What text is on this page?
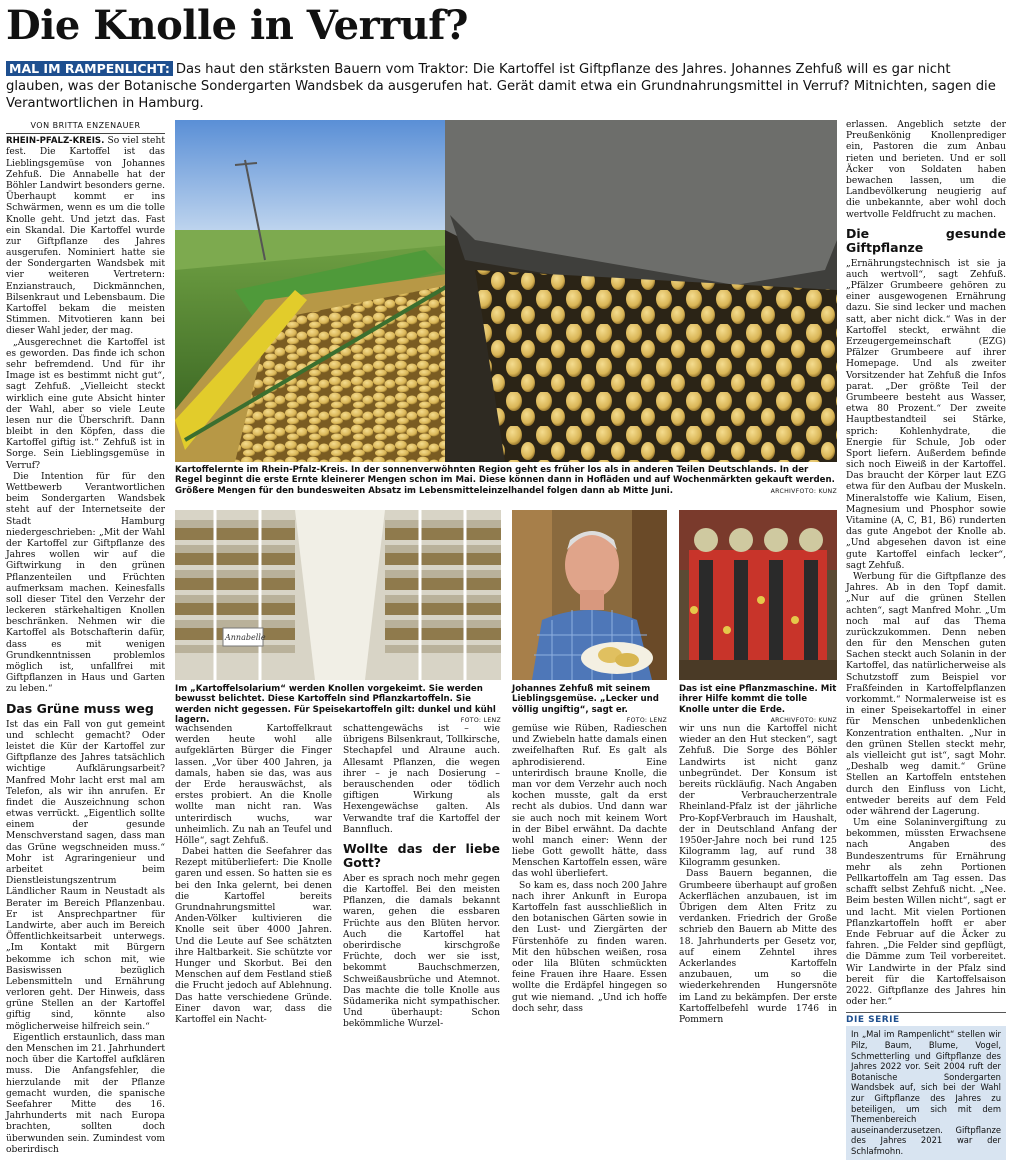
Die Knolle in Verruf?
MAL IM RAMPENLICHT: Das haut den stärksten Bauern vom Traktor: Die Kartoffel ist Giftpflanze des Jahres. Johannes Zehfuß will es gar nicht glauben, was der Botanische Sondergarten Wandsbek da ausgerufen hat. Gerät damit etwa ein Grundnahrungsmittel in Verruf? Mitnichten, sagen die Verantwortlichen in Hamburg.
VON BRITTA ENZENAUER

RHEIN-PFALZ-KREIS. So viel steht fest. Die Kartoffel ist das Lieblingsgemüse von Johannes Zehfuß. Die Annabelle hat der Böhler Landwirt besonders gerne. Überhaupt kommt er ins Schwärmen, wenn es um die tolle Knolle geht. Und jetzt das. Fast ein Skandal. Die Kartoffel wurde zur Giftpflanze des Jahres ausgerufen. Nominiert hatte sie der Sondergarten Wandsbek mit vier weiteren Vertretern: Enzianstrauch, Dickmännchen, Bilsenkraut und Lebensbaum. Die Kartoffel bekam die meisten Stimmen. Mitvotieren kann bei dieser Wahl jeder, der mag.

„Ausgerechnet die Kartoffel ist es geworden. Das finde ich schon sehr befremdend. Und für ihr Image ist es bestimmt nicht gut“, sagt Zehfuß. „Vielleicht steckt wirklich eine gute Absicht hinter der Wahl, aber so viele Leute lesen nur die Überschrift. Dann bleibt in den Köpfen, dass die Kartoffel giftig ist.“ Zehfuß ist in Sorge. Sein Lieblingsgemüse in Verruf?

Die Intention für für den Wettbewerb Verantwortlichen beim Sondergarten Wandsbek steht auf der Internetseite der Stadt Hamburg niedergeschrieben: „Mit der Wahl der Kartoffel zur Giftpflanze des Jahres wollen wir auf die Giftwirkung in den grünen Pflanzenteilen und Früchten aufmerksam machen. Keinesfalls soll dieser Titel den Verzehr der leckeren stärkehaltigen Knollen beschränken. Nehmen wir die Kartoffel als Botschafterin dafür, dass es mit wenigen Grundkenntnissen problemlos möglich ist, unfallfrei mit Giftpflanzen in Haus und Garten zu leben.“

Das Grüne muss weg

Ist das ein Fall von gut gemeint und schlecht gemacht? Oder leistet die Kür der Kartoffel zur Giftpflanze des Jahres tatsächlich wichtige Aufklärungsarbeit? Manfred Mohr lacht erst mal am Telefon, als wir ihn anrufen. Er findet die Auszeichnung schon etwas verrückt. „Eigentlich sollte einem der gesunde Menschverstand sagen, dass man das Grüne wegschneiden muss.“ Mohr ist Agraringenieur und arbeitet beim Dienstleistungszentrum Ländlicher Raum in Neustadt als Berater im Bereich Pflanzenbau. Er ist Ansprechpartner für Landwirte, aber auch im Bereich Öffentlichkeitsarbeit unterwegs. „Im Kontakt mit Bürgern bekomme ich schon mit, wie Basiswissen bezüglich Lebensmitteln und Ernährung verloren geht. Der Hinweis, dass grüne Stellen an der Kartoffel giftig sind, könnte also möglicherweise hilfreich sein.“

Eigentlich erstaunlich, dass man den Menschen im 21. Jahrhundert noch über die Kartoffel aufklären muss. Die Anfangsfehler, die hierzulande mit der Pflanze gemacht wurden, die spanische Seefahrer Mitte des 16. Jahrhunderts mit nach Europa brachten, sollten doch überwunden sein. Zumindest vom oberirdisch

Kartoffelernte im Rhein-Pfalz-Kreis. In der sonnenverwöhnten Region geht es früher los als in anderen Teilen Deutschlands. In der Regel beginnt die erste Ernte kleinerer Mengen schon im Mai. Diese können dann in Hofläden und auf Wochenmärkten gekauft werden. Größere Mengen für den bundesweiten Absatz im Lebensmitteleinzelhandel folgen dann ab Mitte Juni.	ARCHIVFOTO: KUNZ

erlassen. Angeblich setzte der Preußenkönig Knollenprediger ein, Pastoren die zum Anbau rieten und berieten. Und er soll Äcker von Soldaten haben bewachen lassen, um die Landbevölkerung neugierig auf die unbekannte, aber wohl doch wertvolle Feldfrucht zu machen.

Die gesunde Giftpflanze

„Ernährungstechnisch ist sie ja auch wertvoll“, sagt Zehfuß. „Pfälzer Grumbeere gehören zu einer ausgewogenen Ernährung dazu. Sie sind lecker und machen satt, aber nicht dick.“ Was in der Kartoffel steckt, erwähnt die Erzeugergemeinschaft (EZG) Pfälzer Grumbeere auf ihrer Homepage. Und als zweiter Vorsitzender hat Zehfuß die Infos parat. „Der größte Teil der Grumbeere besteht aus Wasser, etwa 80 Prozent.“ Der zweite Hauptbestandteil sei Stärke, sprich: Kohlenhydrate, die Energie für Schule, Job oder Sport liefern. Außerdem befinde sich noch Eiweiß in der Kartoffel. Das braucht der Körper laut EZG etwa für den Aufbau der Muskeln. Mineralstoffe wie Kalium, Eisen, Magnesium und Phosphor sowie Vitamine (A, C, B1, B6) runderten das gute Angebot der Knolle ab. „Und abgesehen davon ist eine gute Kartoffel einfach lecker“, sagt Zehfuß.

Werbung für die Giftpflanze des Jahres. Ab in den Topf damit. „Nur auf die grünen Stellen achten“, sagt Manfred Mohr. „Um noch mal auf das Thema zurückzukommen. Denn neben den für den Menschen guten Sachen steckt auch Solanin in der Kartoffel, das natürlicherweise als Schutzstoff zum Beispiel vor Fraßfeinden in Kartoffelpflanzen vorkommt.“ Normalerweise ist es in einer Speisekartoffel in einer für Menschen unbedenklichen Konzentration enthalten. „Nur in den grünen Stellen steckt mehr, als vielleicht gut ist“, sagt Mohr. „Deshalb weg damit.“ Grüne Stellen an Kartoffeln entstehen durch den Einfluss von Licht, entweder bereits auf dem Feld oder während der Lagerung.

Um eine Solaninvergiftung zu bekommen, müssten Erwachsene nach Angaben des Bundeszentrums für Ernährung mehr als zehn Portionen Pellkartoffeln am Tag essen. Das schafft selbst Zehfuß nicht. „Nee. Beim besten Willen nicht“, sagt er und lacht. Mit vielen Portionen Pflanzkartoffeln hofft er aber Ende Februar auf die Äcker zu fahren. „Die Felder sind gepflügt, die Dämme zum Teil vorbereitet. Wir Landwirte in der Pfalz sind bereit für die Kartoffelsaison 2022. Giftpflanze des Jahres hin oder her.“

DIE SERIE
In „Mal im Rampenlicht“ stellen wir Pilz, Baum, Blume, Vogel, Schmetterling und Giftpflanze des Jahres 2022 vor. Seit 2004 ruft der Botanische Sondergarten Wandsbek auf, sich bei der Wahl zur Giftpflanze des Jahres zu beteiligen, um sich mit dem Themenbereich auseinanderzusetzen. Giftpflanze des Jahres 2021 war der Schlafmohn.
Annabelle
Im „Kartoffelsolarium“ werden Knollen vorgekeimt. Sie werden bewusst belichtet. Diese Kartoffeln sind Pflanzkartoffeln. Sie werden nicht gegessen. Für Speisekartoffeln gilt: dunkel und kühl lagern.	FOTO: LENZ
Johannes Zehfuß mit seinem Lieblingsgemüse. „Lecker und völlig ungiftig“, sagt er.
FOTO: LENZ
Das ist eine Pflanzmaschine. Mit ihrer Hilfe kommt die tolle Knolle unter die Erde.
ARCHIVFOTO: KUNZ

wachsenden Kartoffelkraut werden heute wohl alle aufgeklärten Bürger die Finger lassen. „Vor über 400 Jahren, ja damals, haben sie das, was aus der Erde herauswächst, als erstes probiert. An die Knolle wollte man nicht ran. Was unterirdisch wuchs, war unheimlich. Zu nah an Teufel und Hölle“, sagt Zehfuß.

Dabei hatten die Seefahrer das Rezept mitüberliefert: Die Knolle garen und essen. So hatten sie es bei den Inka gelernt, bei denen die Kartoffel bereits Grundnahrungsmittel war. Anden-Völker kultivieren die Knolle seit über 4000 Jahren. Und die Leute auf See schätzten ihre Haltbarkeit. Sie schützte vor Hunger und Skorbut. Bei den Menschen auf dem Festland stieß die Frucht jedoch auf Ablehnung. Das hatte verschiedene Gründe. Einer davon war, dass die Kartoffel ein Nacht-

schattengewächs ist – wie übrigens Bilsenkraut, Tollkirsche, Stechapfel und Alraune auch. Allesamt Pflanzen, die wegen ihrer – je nach Dosierung – berauschenden oder tödlich giftigen Wirkung als Hexengewächse galten. Als Verwandte traf die Kartoffel der Bannfluch.

Wollte das der liebe Gott?

Aber es sprach noch mehr gegen die Kartoffel. Bei den meisten Pflanzen, die damals bekannt waren, gehen die essbaren Früchte aus den Blüten hervor. Auch die Kartoffel hat oberirdische kirschgroße Früchte, doch wer sie isst, bekommt Bauchschmerzen, Schweißausbrüche und Atemnot. Das machte die tolle Knolle aus Südamerika nicht sympathischer. Und überhaupt: Schon bekömmliche Wurzel-

gemüse wie Rüben, Radieschen und Zwiebeln hatte damals einen zweifelhaften Ruf. Es galt als aphrodisierend. Eine unterirdisch braune Knolle, die man vor dem Verzehr auch noch kochen musste, galt da erst recht als dubios. Und dann war sie auch noch mit keinem Wort in der Bibel erwähnt. Da dachte wohl manch einer: Wenn der liebe Gott gewollt hätte, dass Menschen Kartoffeln essen, wäre das wohl überliefert.

So kam es, dass noch 200 Jahre nach ihrer Ankunft in Europa Kartoffeln fast ausschließlich in den botanischen Gärten sowie in den Lust- und Ziergärten der Fürstenhöfe zu finden waren. Mit den hübschen weißen, rosa oder lila Blüten schmückten feine Frauen ihre Haare. Essen wollte die Erdäpfel hingegen so gut wie niemand. „Und ich hoffe doch sehr, dass

wir uns nun die Kartoffel nicht wieder an den Hut stecken“, sagt Zehfuß. Die Sorge des Böhler Landwirts ist nicht ganz unbegründet. Der Konsum ist bereits rückläufig. Nach Angaben der Verbraucherzentrale Rheinland-Pfalz ist der jährliche Pro-Kopf-Verbrauch im Haushalt, der in Deutschland Anfang der 1950er-Jahre noch bei rund 125 Kilogramm lag, auf rund 38 Kilogramm gesunken.

Dass Bauern begannen, die Grumbeere überhaupt auf großen Ackerflächen anzubauen, ist im Übrigen dem Alten Fritz zu verdanken. Friedrich der Große schrieb den Bauern ab Mitte des 18. Jahrhunderts per Gesetz vor, auf einem Zehntel ihres Ackerlandes Kartoffeln anzubauen, um so die wiederkehrenden Hungersnöte im Land zu bekämpfen. Der erste Kartoffelbefehl wurde 1746 in Pommern
